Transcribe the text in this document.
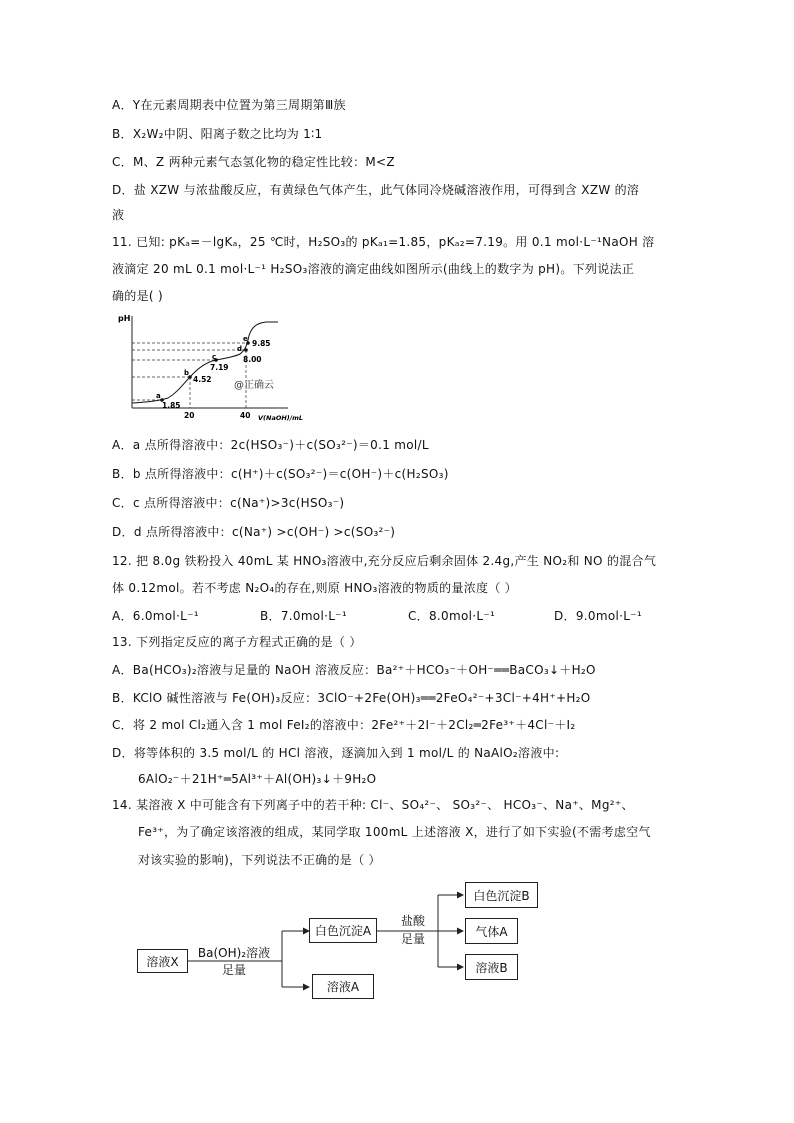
A．Y在元素周期表中位置为第三周期第Ⅲ族
B．X₂W₂中阴、阳离子数之比均为 1∶1
C．M、Z 两种元素气态氢化物的稳定性比较：M<Z
D．盐 XZW 与浓盐酸反应，有黄绿色气体产生，此气体同冷烧碱溶液作用，可得到含 XZW 的溶
液
11. 已知: pKₐ=－lgKₐ，25 ℃时，H₂SO₃的 pKₐ₁=1.85，pKₐ₂=7.19。用 0.1 mol·L⁻¹NaOH 溶
液滴定 20 mL 0.1 mol·L⁻¹ H₂SO₃溶液的滴定曲线如图所示(曲线上的数字为 pH)。下列说法正
确的是( )
pH
V(NaOH)/mL
20	40
a
1.85
b
4.52
c
7.19
d
8.00
e 9.85
@正确云
A．a 点所得溶液中：2c(HSO₃⁻)＋c(SO₃²⁻)＝0.1 mol/L
B．b 点所得溶液中：c(H⁺)＋c(SO₃²⁻)＝c(OH⁻)＋c(H₂SO₃)
C．c 点所得溶液中：c(Na⁺)>3c(HSO₃⁻)
D．d 点所得溶液中：c(Na⁺) >c(OH⁻) >c(SO₃²⁻)
12. 把 8.0g 铁粉投入 40mL 某 HNO₃溶液中,充分反应后剩余固体 2.4g,产生 NO₂和 NO 的混合气
体 0.12mol。若不考虑 N₂O₄的存在,则原 HNO₃溶液的物质的量浓度（ ）
A．6.0mol·L⁻¹	B．7.0mol·L⁻¹	C．8.0mol·L⁻¹	D．9.0mol·L⁻¹
13. 下列指定反应的离子方程式正确的是（ ）
A．Ba(HCO₃)₂溶液与足量的 NaOH 溶液反应：Ba²⁺＋HCO₃⁻＋OH⁻══BaCO₃↓＋H₂O
B．KClO 碱性溶液与 Fe(OH)₃反应：3ClO⁻+2Fe(OH)₃══2FeO₄²⁻+3Cl⁻+4H⁺+H₂O
C．将 2 mol Cl₂通入含 1 mol FeI₂的溶液中：2Fe²⁺＋2I⁻＋2Cl₂═2Fe³⁺＋4Cl⁻＋I₂
D．将等体积的 3.5 mol/L 的 HCl 溶液，逐滴加入到 1 mol/L 的 NaAlO₂溶液中:
6AlO₂⁻＋21H⁺═5Al³⁺＋Al(OH)₃↓＋9H₂O
14. 某溶液 X 中可能含有下列离子中的若干种: Cl⁻、SO₄²⁻、 SO₃²⁻、 HCO₃⁻、Na⁺、Mg²⁺、
Fe³⁺，为了确定该溶液的组成，某同学取 100mL 上述溶液 X，进行了如下实验(不需考虑空气
对该实验的影响)，下列说法不正确的是（ ）
溶液X
Ba(OH)₂溶液
足量
白色沉淀A
溶液A
盐酸
足量
白色沉淀B
气体A
溶液B
